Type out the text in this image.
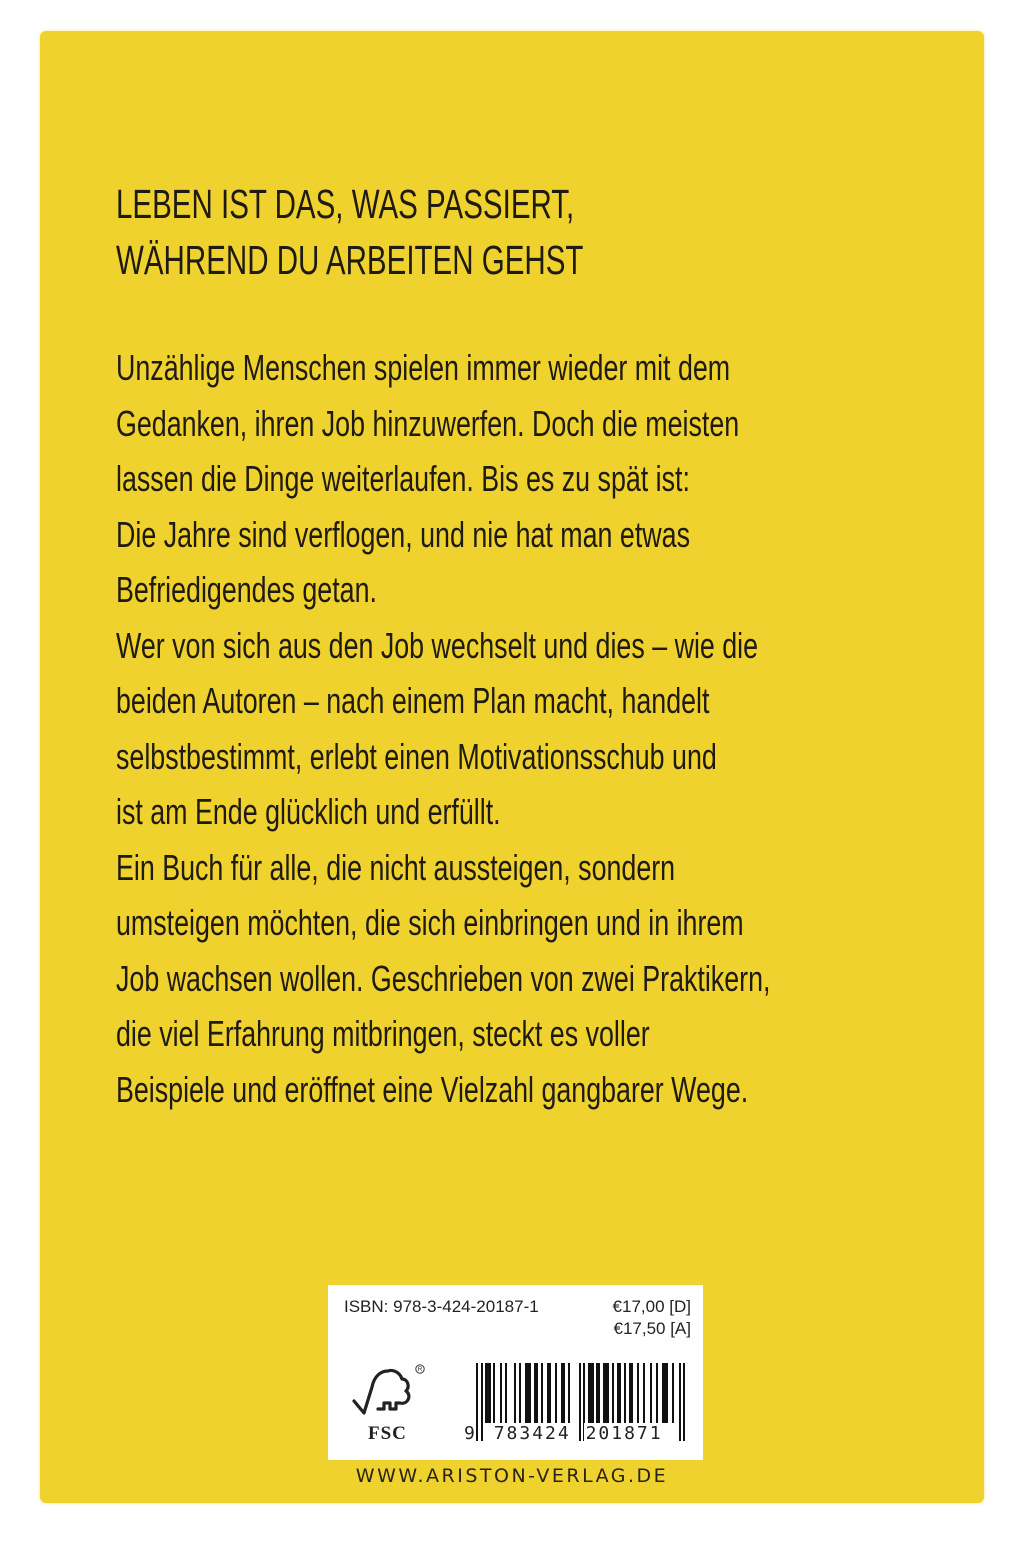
LEBEN IST DAS, WAS PASSIERT,
WÄHREND DU ARBEITEN GEHST
Unzählige Menschen spielen immer wieder mit dem
Gedanken, ihren Job hinzuwerfen. Doch die meisten
lassen die Dinge weiterlaufen. Bis es zu spät ist:
Die Jahre sind verflogen, und nie hat man etwas
Befriedigendes getan.
Wer von sich aus den Job wechselt und dies – wie die
beiden Autoren – nach einem Plan macht, handelt
selbstbestimmt, erlebt einen Motivationsschub und
ist am Ende glücklich und erfüllt.
Ein Buch für alle, die nicht aussteigen, sondern
umsteigen möchten, die sich einbringen und in ihrem
Job wachsen wollen. Geschrieben von zwei Praktikern,
die viel Erfahrung mitbringen, steckt es voller
Beispiele und eröffnet eine Vielzahl gangbarer Wege.
ISBN: 978-3-424-20187-1	€17,00 [D]
€17,50 [A]
R
FSC	9 783424 201871
WWW.ARISTON-VERLAG.DE
